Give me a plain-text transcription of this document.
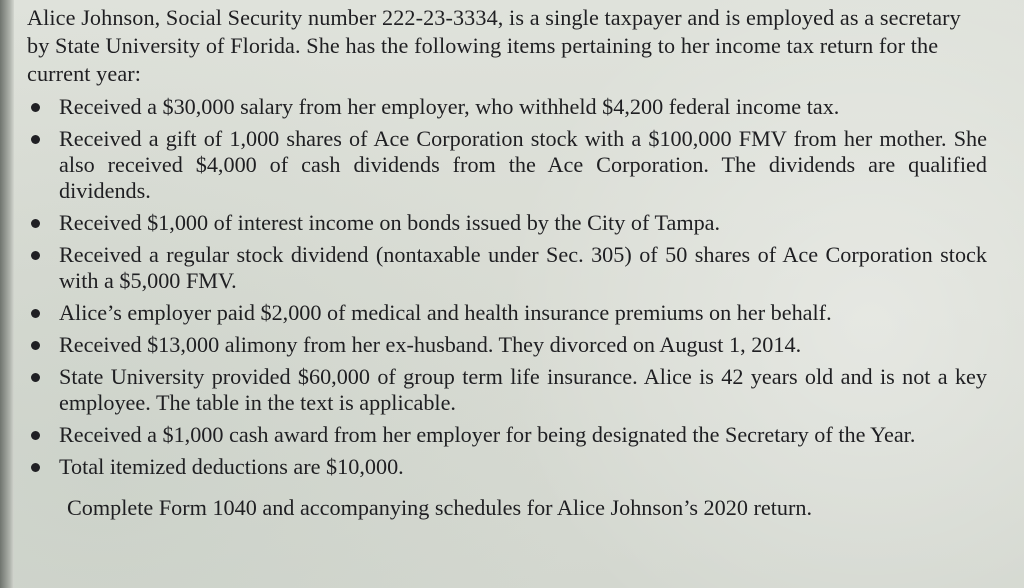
Alice Johnson, Social Security number 222-23-3334, is a single taxpayer and is employed as a secretary by State University of Florida. She has the following items pertaining to her income tax return for the current year:

Received a $30,000 salary from her employer, who withheld $4,200 federal income tax.
Received a gift of 1,000 shares of Ace Corporation stock with a $100,000 FMV from her mother. She also received $4,000 of cash dividends from the Ace Corporation. The dividends are qualified dividends.
Received $1,000 of interest income on bonds issued by the City of Tampa.
Received a regular stock dividend (nontaxable under Sec. 305) of 50 shares of Ace Corporation stock with a $5,000 FMV.
Alice’s employer paid $2,000 of medical and health insurance premiums on her behalf.
Received $13,000 alimony from her ex-husband. They divorced on August 1, 2014.
State University provided $60,000 of group term life insurance. Alice is 42 years old and is not a key employee. The table in the text is applicable.
Received a $1,000 cash award from her employer for being designated the Secretary of the Year.
Total itemized deductions are $10,000.

Complete Form 1040 and accompanying schedules for Alice Johnson’s 2020 return.
